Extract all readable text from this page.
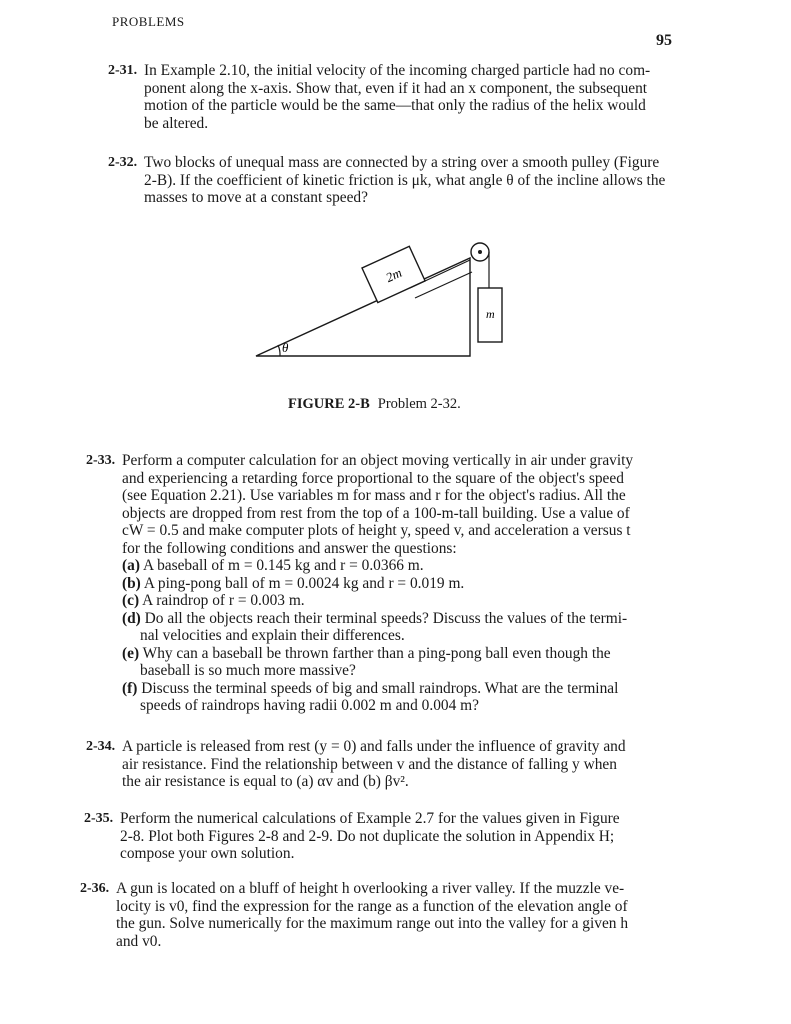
PROBLEMS
95
2-31. In Example 2.10, the initial velocity of the incoming charged particle had no com-
ponent along the x-axis. Show that, even if it had an x component, the subsequent
motion of the particle would be the same—that only the radius of the helix would
be altered.
2-32. Two blocks of unequal mass are connected by a string over a smooth pulley (Figure
2-B). If the coefficient of kinetic friction is μk, what angle θ of the incline allows the
masses to move at a constant speed?
2-33. Perform a computer calculation for an object moving vertically in air under gravity
and experiencing a retarding force proportional to the square of the object's speed
(see Equation 2.21). Use variables m for mass and r for the object's radius. All the
objects are dropped from rest from the top of a 100-m-tall building. Use a value of
cW = 0.5 and make computer plots of height y, speed v, and acceleration a versus t
for the following conditions and answer the questions:
(a) A baseball of m = 0.145 kg and r = 0.0366 m.
(b) A ping-pong ball of m = 0.0024 kg and r = 0.019 m.
(c) A raindrop of r = 0.003 m.
(d) Do all the objects reach their terminal speeds? Discuss the values of the termi-
nal velocities and explain their differences.
(e) Why can a baseball be thrown farther than a ping-pong ball even though the
baseball is so much more massive?
(f) Discuss the terminal speeds of big and small raindrops. What are the terminal
speeds of raindrops having radii 0.002 m and 0.004 m?
2-34. A particle is released from rest (y = 0) and falls under the influence of gravity and
air resistance. Find the relationship between v and the distance of falling y when
the air resistance is equal to (a) αv and (b) βv².
2-35. Perform the numerical calculations of Example 2.7 for the values given in Figure
2-8. Plot both Figures 2-8 and 2-9. Do not duplicate the solution in Appendix H;
compose your own solution.
2-36. A gun is located on a bluff of height h overlooking a river valley. If the muzzle ve-
locity is v0, find the expression for the range as a function of the elevation angle of
the gun. Solve numerically for the maximum range out into the valley for a given h
and v0.
θ
2m
m
FIGURE 2-B Problem 2-32.
